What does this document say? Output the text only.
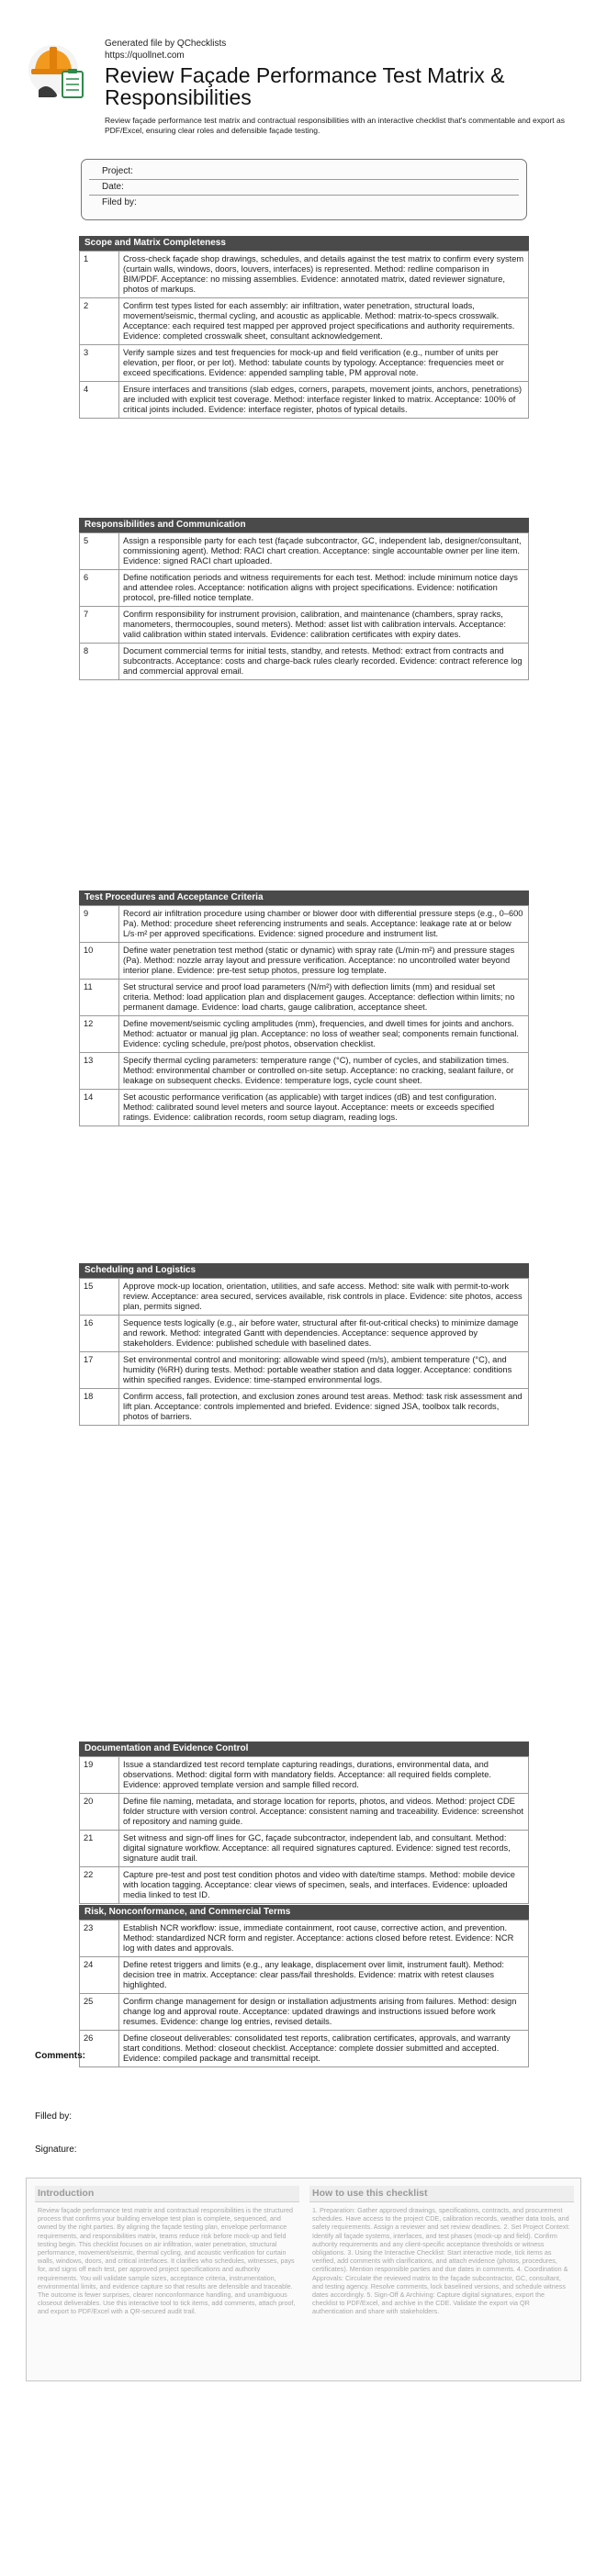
Generated file by QChecklists
https://quollnet.com
Review Façade Performance Test Matrix & Responsibilities
Review façade performance test matrix and contractual responsibilities with an interactive checklist that's commentable and export as PDF/Excel, ensuring clear roles and defensible façade testing.
Project:
Date:
Filed by:
Scope and Matrix Completeness
1	Cross-check façade shop drawings, schedules, and details against the test matrix to confirm every system (curtain walls, windows, doors, louvers, interfaces) is represented. Method: redline comparison in BIM/PDF. Acceptance: no missing assemblies. Evidence: annotated matrix, dated reviewer signature, photos of markups.
2	Confirm test types listed for each assembly: air infiltration, water penetration, structural loads, movement/seismic, thermal cycling, and acoustic as applicable. Method: matrix-to-specs crosswalk. Acceptance: each required test mapped per approved project specifications and authority requirements. Evidence: completed crosswalk sheet, consultant acknowledgement.
3	Verify sample sizes and test frequencies for mock-up and field verification (e.g., number of units per elevation, per floor, or per lot). Method: tabulate counts by typology. Acceptance: frequencies meet or exceed specifications. Evidence: appended sampling table, PM approval note.
4	Ensure interfaces and transitions (slab edges, corners, parapets, movement joints, anchors, penetrations) are included with explicit test coverage. Method: interface register linked to matrix. Acceptance: 100% of critical joints included. Evidence: interface register, photos of typical details.
Responsibilities and Communication
5	Assign a responsible party for each test (façade subcontractor, GC, independent lab, designer/consultant, commissioning agent). Method: RACI chart creation. Acceptance: single accountable owner per line item. Evidence: signed RACI chart uploaded.
6	Define notification periods and witness requirements for each test. Method: include minimum notice days and attendee roles. Acceptance: notification aligns with project specifications. Evidence: notification protocol, pre-filled notice template.
7	Confirm responsibility for instrument provision, calibration, and maintenance (chambers, spray racks, manometers, thermocouples, sound meters). Method: asset list with calibration intervals. Acceptance: valid calibration within stated intervals. Evidence: calibration certificates with expiry dates.
8	Document commercial terms for initial tests, standby, and retests. Method: extract from contracts and subcontracts. Acceptance: costs and charge-back rules clearly recorded. Evidence: contract reference log and commercial approval email.
Test Procedures and Acceptance Criteria
9	Record air infiltration procedure using chamber or blower door with differential pressure steps (e.g., 0–600 Pa). Method: procedure sheet referencing instruments and seals. Acceptance: leakage rate at or below L/s·m² per approved specifications. Evidence: signed procedure and instrument list.
10	Define water penetration test method (static or dynamic) with spray rate (L/min·m²) and pressure stages (Pa). Method: nozzle array layout and pressure verification. Acceptance: no uncontrolled water beyond interior plane. Evidence: pre-test setup photos, pressure log template.
11	Set structural service and proof load parameters (N/m²) with deflection limits (mm) and residual set criteria. Method: load application plan and displacement gauges. Acceptance: deflection within limits; no permanent damage. Evidence: load charts, gauge calibration, acceptance sheet.
12	Define movement/seismic cycling amplitudes (mm), frequencies, and dwell times for joints and anchors. Method: actuator or manual jig plan. Acceptance: no loss of weather seal; components remain functional. Evidence: cycling schedule, pre/post photos, observation checklist.
13	Specify thermal cycling parameters: temperature range (°C), number of cycles, and stabilization times. Method: environmental chamber or controlled on-site setup. Acceptance: no cracking, sealant failure, or leakage on subsequent checks. Evidence: temperature logs, cycle count sheet.
14	Set acoustic performance verification (as applicable) with target indices (dB) and test configuration. Method: calibrated sound level meters and source layout. Acceptance: meets or exceeds specified ratings. Evidence: calibration records, room setup diagram, reading logs.
Scheduling and Logistics
15	Approve mock-up location, orientation, utilities, and safe access. Method: site walk with permit-to-work review. Acceptance: area secured, services available, risk controls in place. Evidence: site photos, access plan, permits signed.
16	Sequence tests logically (e.g., air before water, structural after fit-out-critical checks) to minimize damage and rework. Method: integrated Gantt with dependencies. Acceptance: sequence approved by stakeholders. Evidence: published schedule with baselined dates.
17	Set environmental control and monitoring: allowable wind speed (m/s), ambient temperature (°C), and humidity (%RH) during tests. Method: portable weather station and data logger. Acceptance: conditions within specified ranges. Evidence: time-stamped environmental logs.
18	Confirm access, fall protection, and exclusion zones around test areas. Method: task risk assessment and lift plan. Acceptance: controls implemented and briefed. Evidence: signed JSA, toolbox talk records, photos of barriers.
Documentation and Evidence Control
19	Issue a standardized test record template capturing readings, durations, environmental data, and observations. Method: digital form with mandatory fields. Acceptance: all required fields complete. Evidence: approved template version and sample filled record.
20	Define file naming, metadata, and storage location for reports, photos, and videos. Method: project CDE folder structure with version control. Acceptance: consistent naming and traceability. Evidence: screenshot of repository and naming guide.
21	Set witness and sign-off lines for GC, façade subcontractor, independent lab, and consultant. Method: digital signature workflow. Acceptance: all required signatures captured. Evidence: signed test records, signature audit trail.
22	Capture pre-test and post test condition photos and video with date/time stamps. Method: mobile device with location tagging. Acceptance: clear views of specimen, seals, and interfaces. Evidence: uploaded media linked to test ID.
Risk, Nonconformance, and Commercial Terms
23	Establish NCR workflow: issue, immediate containment, root cause, corrective action, and prevention. Method: standardized NCR form and register. Acceptance: actions closed before retest. Evidence: NCR log with dates and approvals.
24	Define retest triggers and limits (e.g., any leakage, displacement over limit, instrument fault). Method: decision tree in matrix. Acceptance: clear pass/fail thresholds. Evidence: matrix with retest clauses highlighted.
25	Confirm change management for design or installation adjustments arising from failures. Method: design change log and approval route. Acceptance: updated drawings and instructions issued before work resumes. Evidence: change log entries, revised details.
26	Define closeout deliverables: consolidated test reports, calibration certificates, approvals, and warranty start conditions. Method: closeout checklist. Acceptance: complete dossier submitted and accepted. Evidence: compiled package and transmittal receipt.
Comments:
Filled by:
Signature:
Introduction
Review façade performance test matrix and contractual responsibilities is the structured process that confirms your building envelope test plan is complete, sequenced, and owned by the right parties. By aligning the façade testing plan, envelope performance requirements, and responsibilities matrix, teams reduce risk before mock-up and field testing begin. This checklist focuses on air infiltration, water penetration, structural performance, movement/seismic, thermal cycling, and acoustic verification for curtain walls, windows, doors, and critical interfaces. It clarifies who schedules, witnesses, pays for, and signs off each test, per approved project specifications and authority requirements. You will validate sample sizes, acceptance criteria, instrumentation, environmental limits, and evidence capture so that results are defensible and traceable. The outcome is fewer surprises, clearer nonconformance handling, and unambiguous closeout deliverables. Use this interactive tool to tick items, add comments, attach proof, and export to PDF/Excel with a QR-secured audit trail.
How to use this checklist
1. Preparation: Gather approved drawings, specifications, contracts, and procurement schedules. Have access to the project CDE, calibration records, weather data tools, and safety requirements. Assign a reviewer and set review deadlines. 2. Set Project Context: Identify all façade systems, interfaces, and test phases (mock-up and field). Confirm authority requirements and any client-specific acceptance thresholds or witness obligations. 3. Using the Interactive Checklist: Start interactive mode, tick items as verified, add comments with clarifications, and attach evidence (photos, procedures, certificates). Mention responsible parties and due dates in comments. 4. Coordination & Approvals: Circulate the reviewed matrix to the façade subcontractor, GC, consultant, and testing agency. Resolve comments, lock baselined versions, and schedule witness dates accordingly. 5. Sign-Off & Archiving: Capture digital signatures, export the checklist to PDF/Excel, and archive in the CDE. Validate the export via QR authentication and share with stakeholders.
